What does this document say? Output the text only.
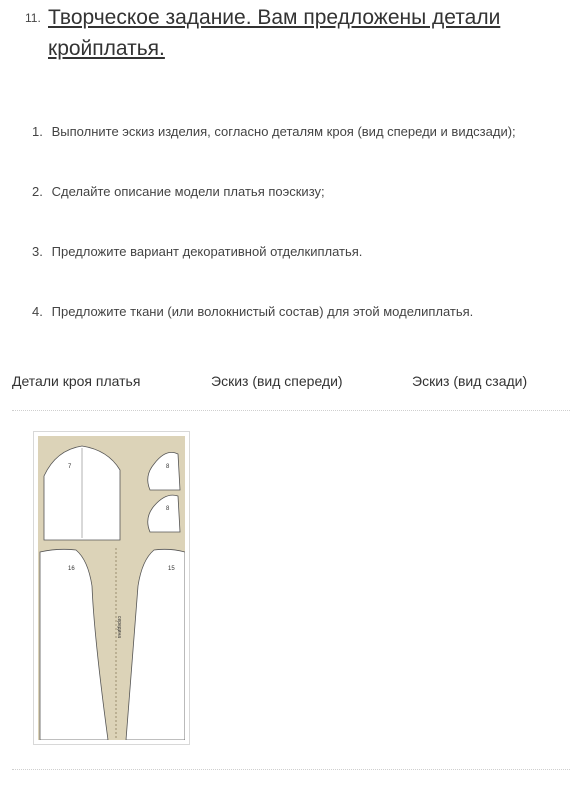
11. Творческое задание. Вам предложены детали кройплатья.
1. Выполните эскиз изделия, согласно деталям кроя (вид спереди и видсзади);
2. Сделайте описание модели платья поэскизу;
3. Предложите вариант декоративной отделкиплатья.
4. Предложите ткани (или волокнистый состав) для этой моделиплатья.
Детали кроя платья	Эскиз (вид спереди)	Эскиз (вид сзади)
7	8
8
16	15
середина
